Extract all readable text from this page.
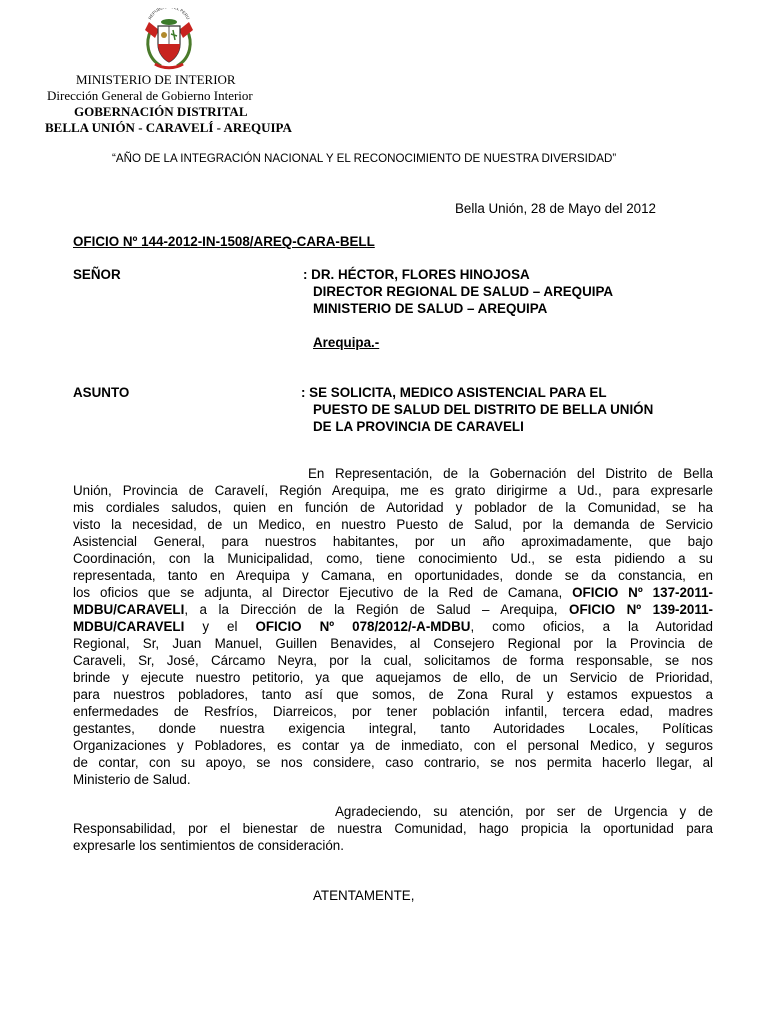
REPUB L PERU
MINISTERIO DE INTERIOR
Dirección General de Gobierno Interior
GOBERNACIÓN DISTRITAL
BELLA UNIÓN - CARAVELÍ - AREQUIPA
“AÑO DE LA INTEGRACIÓN NACIONAL Y EL RECONOCIMIENTO DE NUESTRA DIVERSIDAD”
Bella Unión, 28 de Mayo del 2012
OFICIO Nº 144-2012-IN-1508/AREQ-CARA-BELL
SEÑOR	: DR. HÉCTOR, FLORES HINOJOSA
DIRECTOR REGIONAL DE SALUD – AREQUIPA
MINISTERIO DE SALUD – AREQUIPA
Arequipa.-
ASUNTO	: SE SOLICITA, MEDICO ASISTENCIAL PARA EL
PUESTO DE SALUD DEL DISTRITO DE BELLA UNIÓN
DE LA PROVINCIA DE CARAVELI
En Representación, de la Gobernación del Distrito de Bella
Unión, Provincia de Caravelí, Región Arequipa, me es grato dirigirme a Ud., para expresarle
mis cordiales saludos, quien en función de Autoridad y poblador de la Comunidad, se ha
visto la necesidad, de un Medico, en nuestro Puesto de Salud, por la demanda de Servicio
Asistencial General, para nuestros habitantes, por un año aproximadamente, que bajo
Coordinación, con la Municipalidad, como, tiene conocimiento Ud., se esta pidiendo a su
representada, tanto en Arequipa y Camana, en oportunidades, donde se da constancia, en
los oficios que se adjunta, al Director Ejecutivo de la Red de Camana, OFICIO Nº 137-2011-
MDBU/CARAVELI, a la Dirección de la Región de Salud – Arequipa, OFICIO Nº 139-2011-
MDBU/CARAVELI y el OFICIO Nº 078/2012/-A-MDBU, como oficios, a la Autoridad
Regional, Sr, Juan Manuel, Guillen Benavides, al Consejero Regional por la Provincia de
Caraveli, Sr, José, Cárcamo Neyra, por la cual, solicitamos de forma responsable, se nos
brinde y ejecute nuestro petitorio, ya que aquejamos de ello, de un Servicio de Prioridad,
para nuestros pobladores, tanto así que somos, de Zona Rural y estamos expuestos a
enfermedades de Resfríos, Diarreicos, por tener población infantil, tercera edad, madres
gestantes, donde nuestra exigencia integral, tanto Autoridades Locales, Políticas
Organizaciones y Pobladores, es contar ya de inmediato, con el personal Medico, y seguros
de contar, con su apoyo, se nos considere, caso contrario, se nos permita hacerlo llegar, al
Ministerio de Salud.
Agradeciendo, su atención, por ser de Urgencia y de
Responsabilidad, por el bienestar de nuestra Comunidad, hago propicia la oportunidad para
expresarle los sentimientos de consideración.
ATENTAMENTE,
